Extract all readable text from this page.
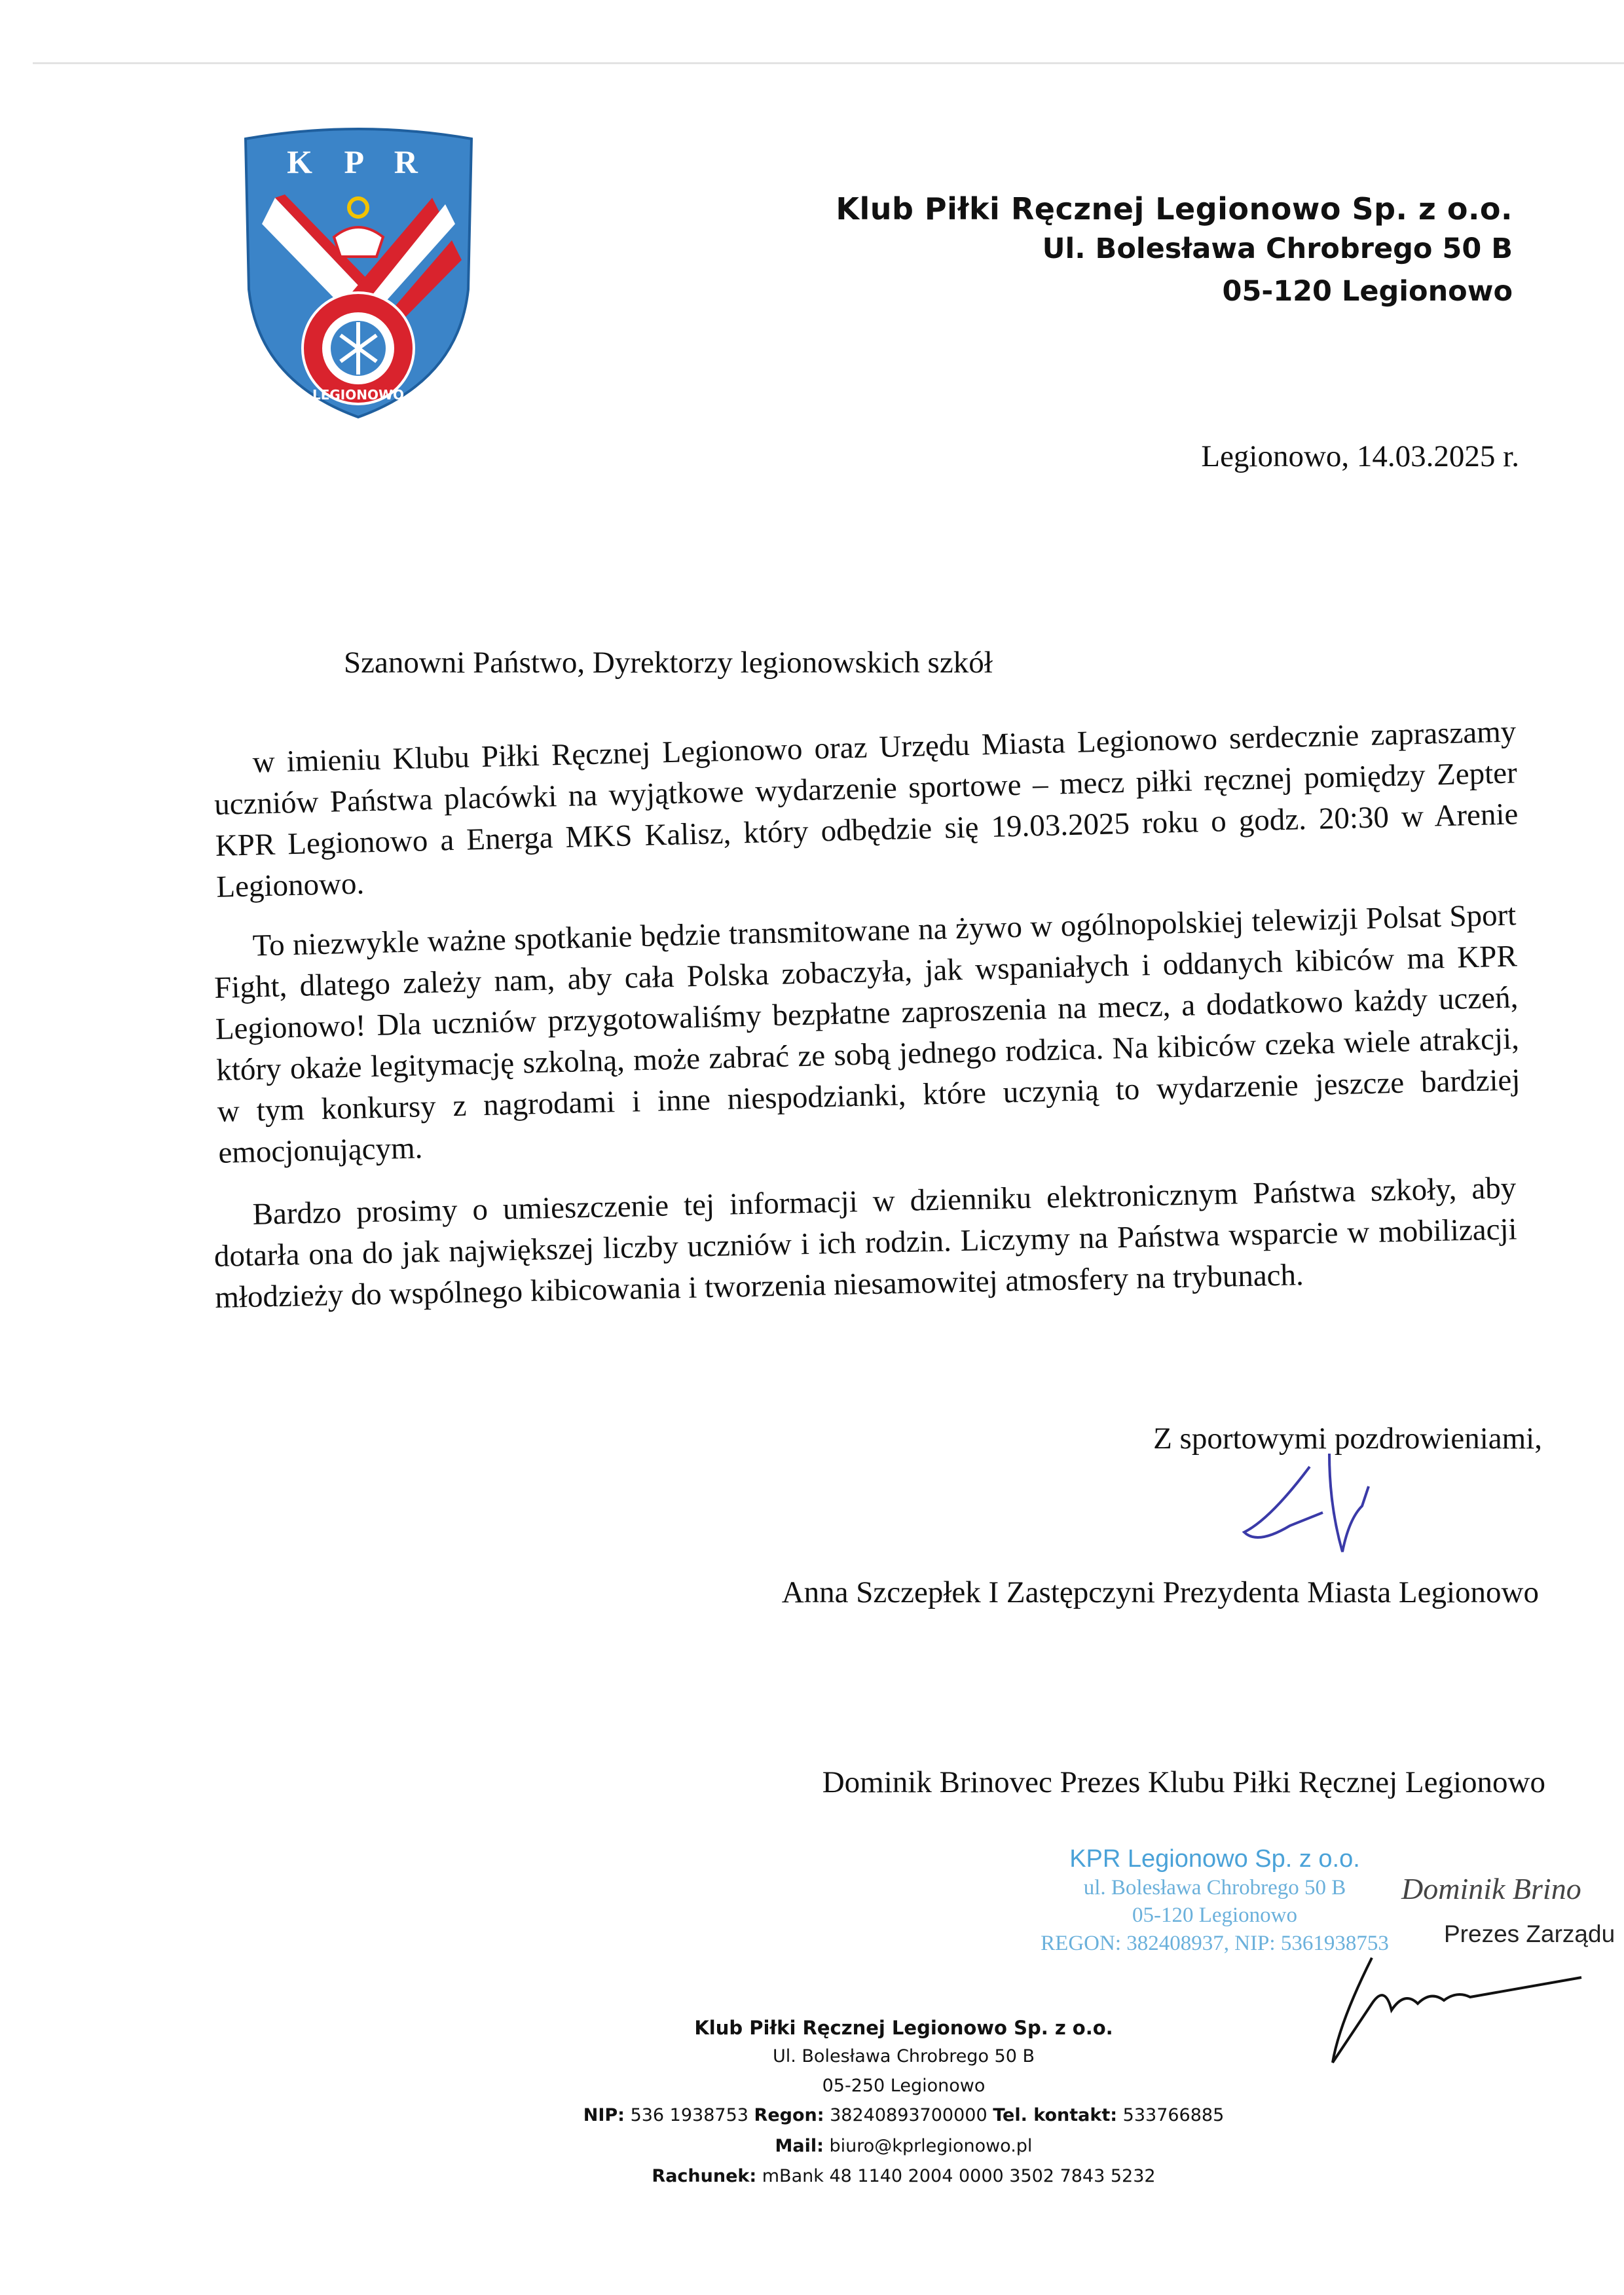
K P R
LEGIONOWO
Klub Piłki Ręcznej Legionowo Sp. z o.o.
Ul. Bolesława Chrobrego 50 B
05-120 Legionowo
Legionowo, 14.03.2025 r.
Szanowni Państwo, Dyrektorzy legionowskich szkół

w imieniu Klubu Piłki Ręcznej Legionowo oraz Urzędu Miasta Legionowo serdecznie zapraszamy uczniów Państwa placówki na wyjątkowe wydarzenie sportowe – mecz piłki ręcznej pomiędzy Zepter KPR Legionowo a Energa MKS Kalisz, który odbędzie się 19.03.2025 roku o godz. 20:30 w Arenie Legionowo.

To niezwykle ważne spotkanie będzie transmitowane na żywo w ogólnopolskiej telewizji Polsat Sport Fight, dlatego zależy nam, aby cała Polska zobaczyła, jak wspaniałych i oddanych kibiców ma KPR Legionowo! Dla uczniów przygotowaliśmy bezpłatne zaproszenia na mecz, a dodatkowo każdy uczeń, który okaże legitymację szkolną, może zabrać ze sobą jednego rodzica. Na kibiców czeka wiele atrakcji, w tym konkursy z nagrodami i inne niespodzianki, które uczynią to wydarzenie jeszcze bardziej emocjonującym.

Bardzo prosimy o umieszczenie tej informacji w dzienniku elektronicznym Państwa szkoły, aby dotarła ona do jak największej liczby uczniów i ich rodzin. Liczymy na Państwa wsparcie w mobilizacji młodzieży do wspólnego kibicowania i tworzenia niesamowitej atmosfery na trybunach.

Z sportowymi pozdrowieniami,
Anna Szczepłek I Zastępczyni Prezydenta Miasta Legionowo
Dominik Brinovec Prezes Klubu Piłki Ręcznej Legionowo
KPR Legionowo Sp. z o.o.
ul. Bolesława Chrobrego 50 B
05-120 Legionowo
REGON: 382408937, NIP: 5361938753
Dominik Brino
Prezes Zarządu
Klub Piłki Ręcznej Legionowo Sp. z o.o.
Ul. Bolesława Chrobrego 50 B
05-250 Legionowo
NIP: 536 1938753 Regon: 38240893700000 Tel. kontakt: 533766885
Mail: biuro@kprlegionowo.pl
Rachunek: mBank 48 1140 2004 0000 3502 7843 5232
